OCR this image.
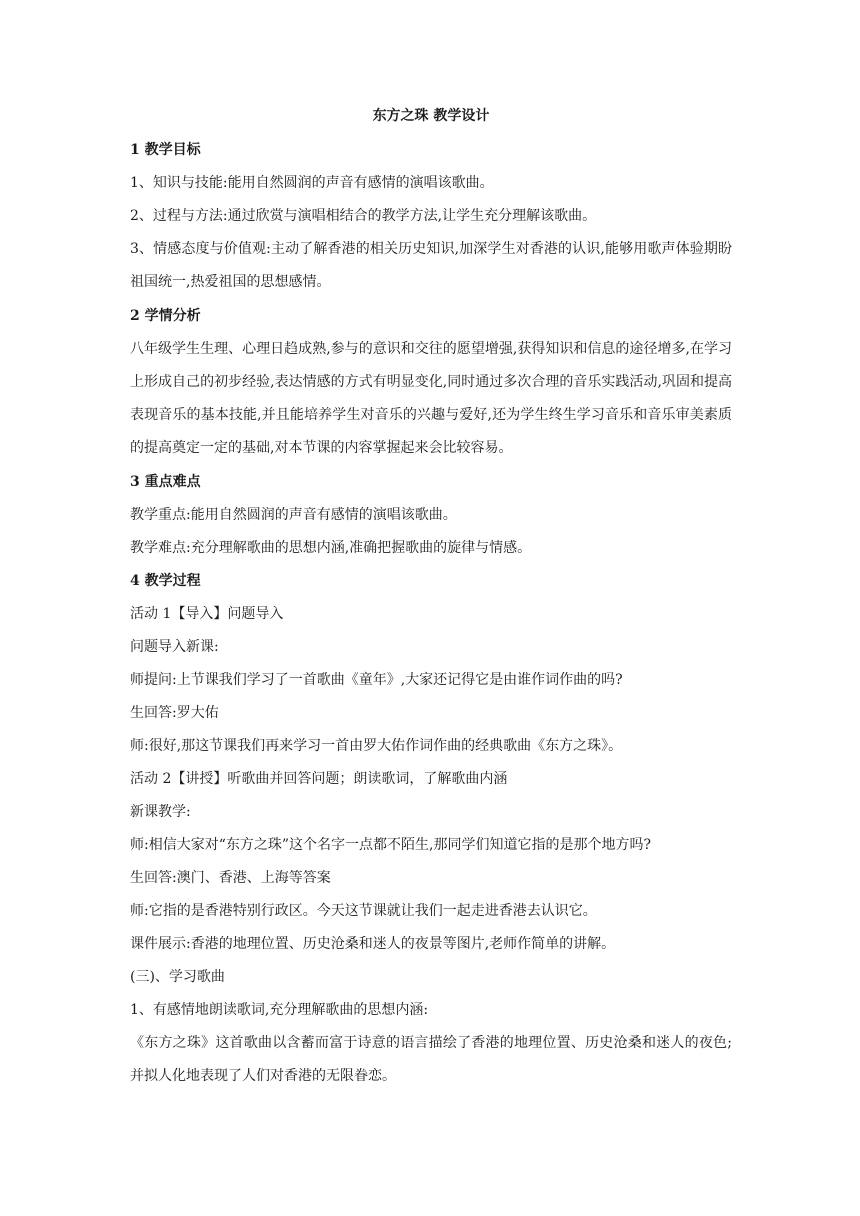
东方之珠 教学设计
1 教学目标
1、知识与技能:能用自然圆润的声音有感情的演唱该歌曲。
2、过程与方法:通过欣赏与演唱相结合的教学方法,让学生充分理解该歌曲。
3、情感态度与价值观:主动了解香港的相关历史知识,加深学生对香港的认识,能够用歌声体验期盼祖国统一,热爱祖国的思想感情。
2 学情分析
八年级学生生理、心理日趋成熟,参与的意识和交往的愿望增强,获得知识和信息的途径增多,在学习上形成自己的初步经验,表达情感的方式有明显变化,同时通过多次合理的音乐实践活动,巩固和提高表现音乐的基本技能,并且能培养学生对音乐的兴趣与爱好,还为学生终生学习音乐和音乐审美素质的提高奠定一定的基础,对本节课的内容掌握起来会比较容易。
3 重点难点
教学重点:能用自然圆润的声音有感情的演唱该歌曲。
教学难点:充分理解歌曲的思想内涵,准确把握歌曲的旋律与情感。
4 教学过程
活动 1【导入】问题导入
问题导入新课:
师提问:上节课我们学习了一首歌曲《童年》,大家还记得它是由谁作词作曲的吗?
生回答:罗大佑
师:很好,那这节课我们再来学习一首由罗大佑作词作曲的经典歌曲《东方之珠》。
活动 2【讲授】听歌曲并回答问题；朗读歌词，了解歌曲内涵
新课教学:
师:相信大家对“东方之珠”这个名字一点都不陌生,那同学们知道它指的是那个地方吗?
生回答:澳门、香港、上海等答案
师:它指的是香港特别行政区。今天这节课就让我们一起走进香港去认识它。
课件展示:香港的地理位置、历史沧桑和迷人的夜景等图片,老师作简单的讲解。
(三)、学习歌曲
1、有感情地朗读歌词,充分理解歌曲的思想内涵:
《东方之珠》这首歌曲以含蓄而富于诗意的语言描绘了香港的地理位置、历史沧桑和迷人的夜色;并拟人化地表现了人们对香港的无限眷恋。
